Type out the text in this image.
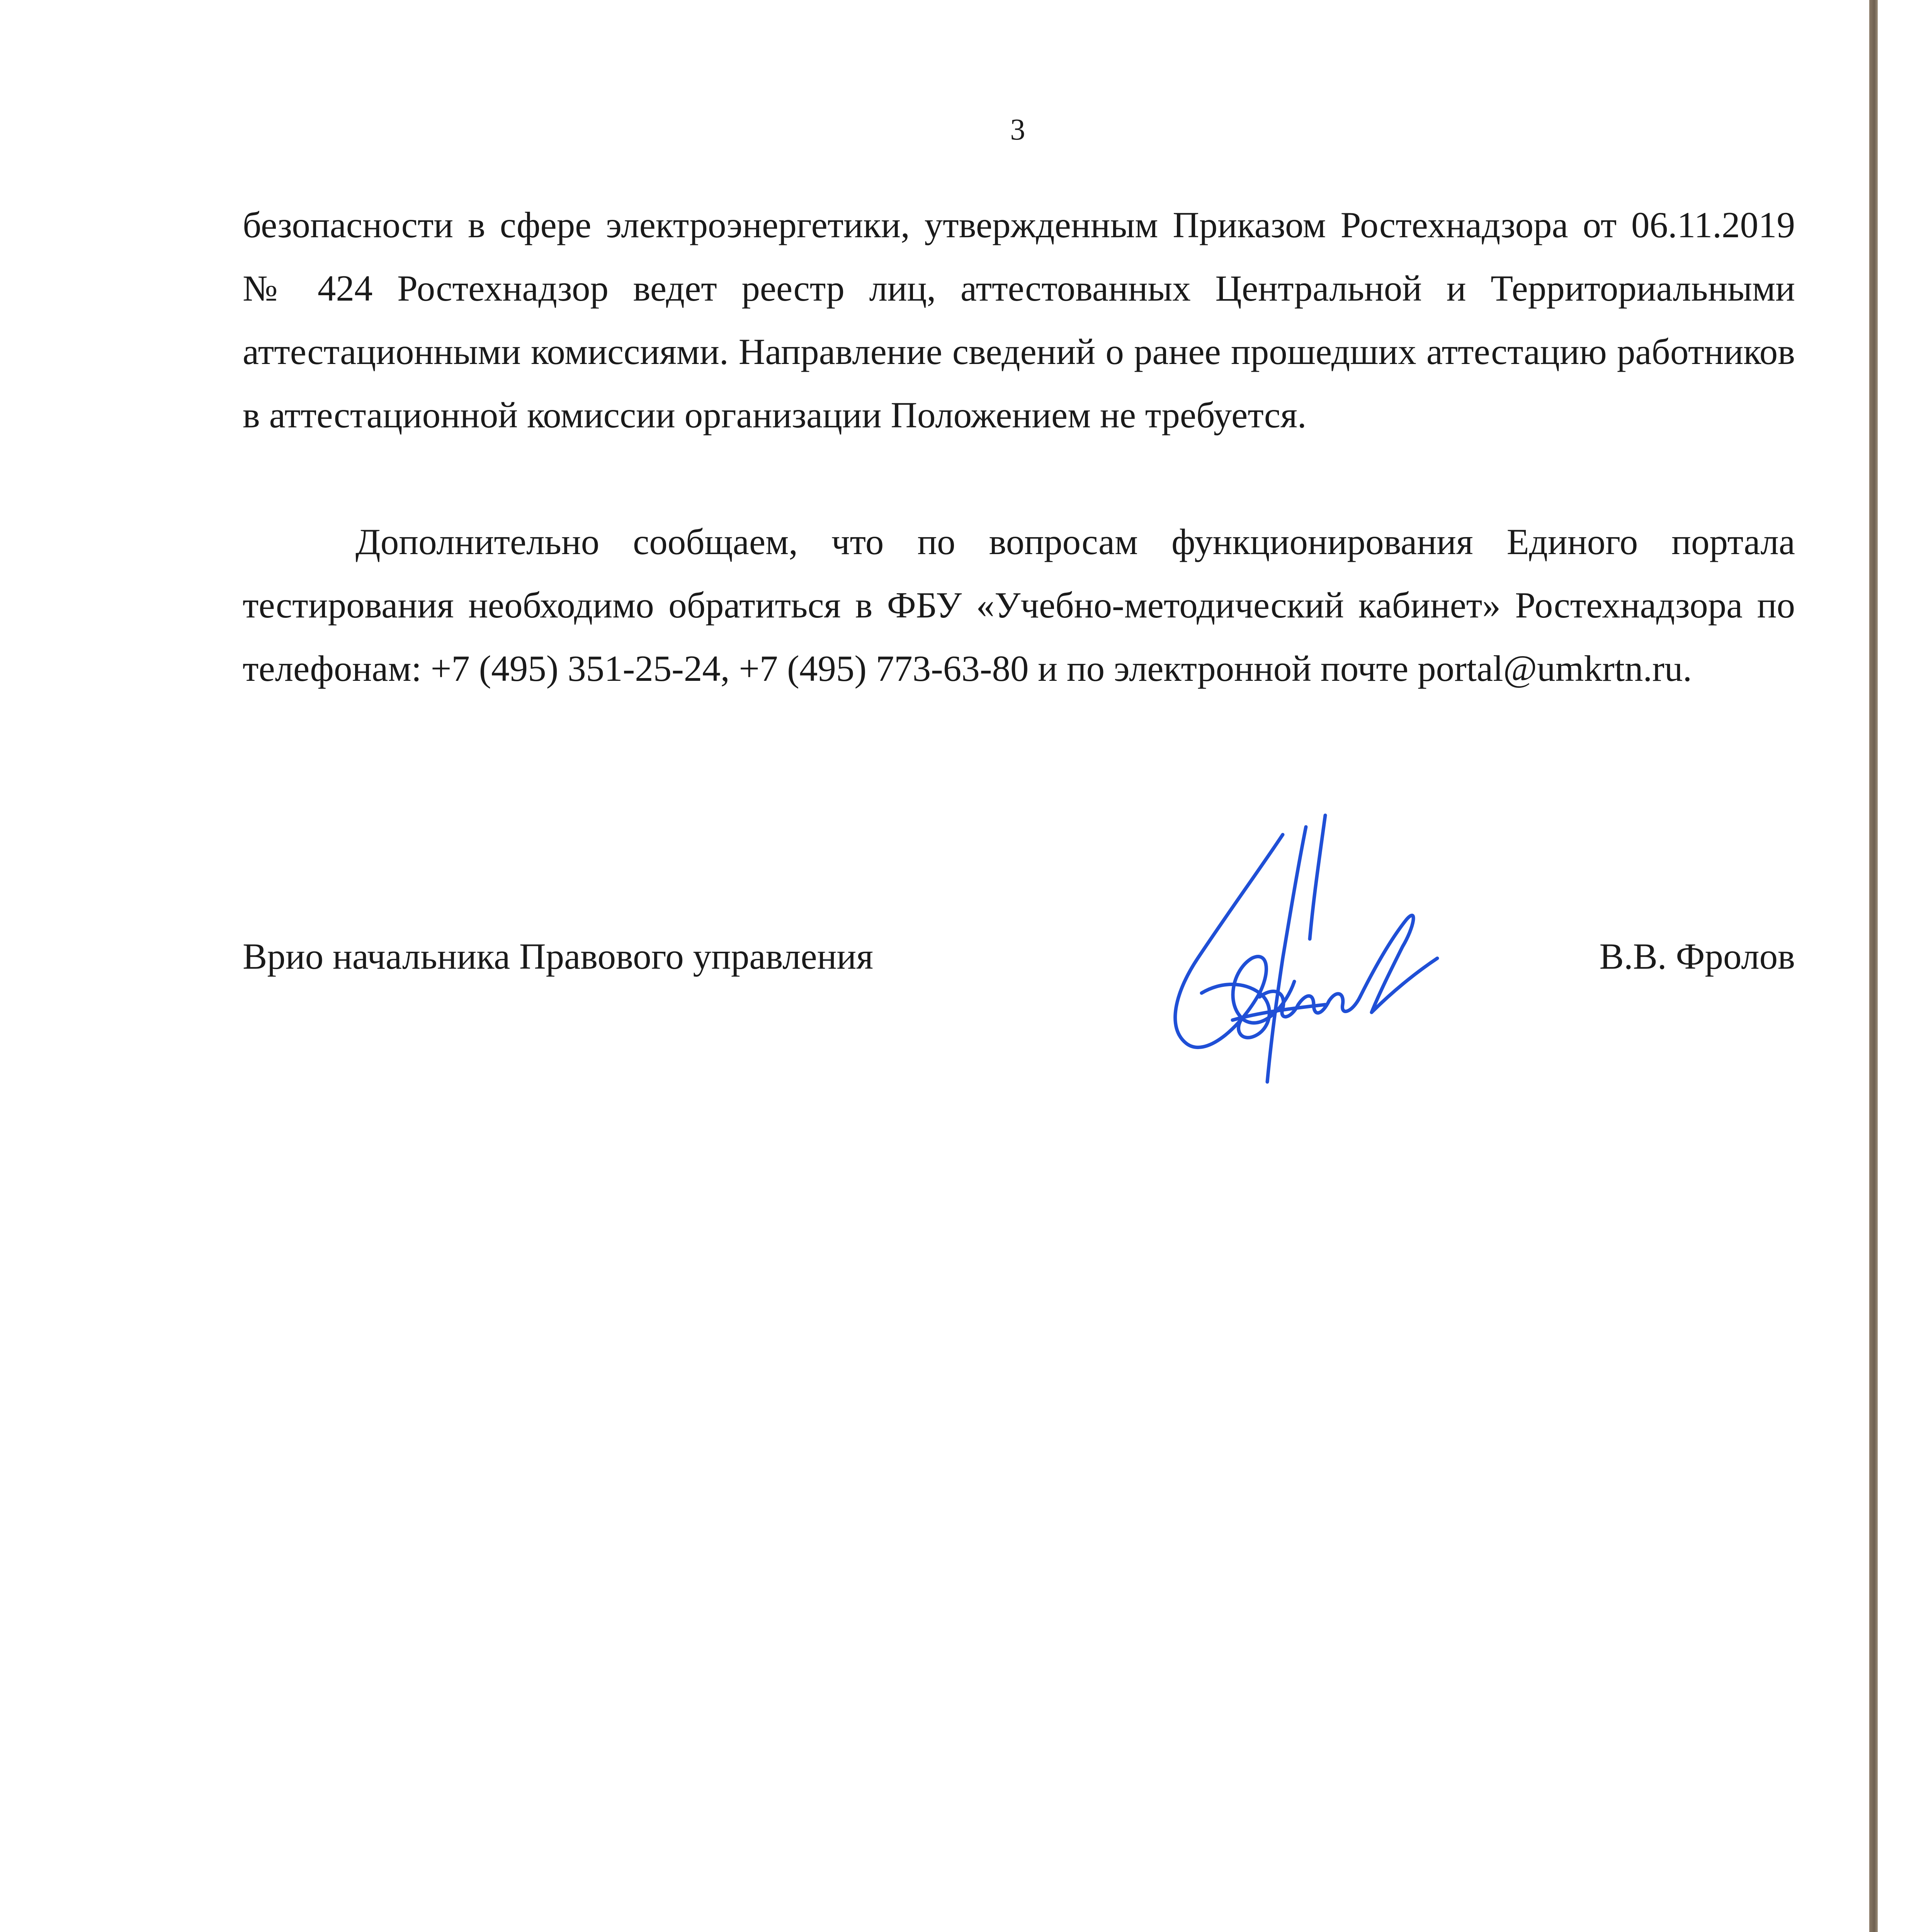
3

безопасности в сфере электроэнергетики, утвержденным Приказом Ростехнадзора от 06.11.2019 № 424 Ростехнадзор ведет реестр лиц, аттестованных Центральной и Территориальными аттестационными комиссиями. Направление сведений о ранее прошедших аттестацию работников в аттестационной комиссии организации Положением не требуется.

Дополнительно сообщаем, что по вопросам функционирования Единого портала тестирования необходимо обратиться в ФБУ «Учебно-методический кабинет» Ростехнадзора по телефонам: +7 (495) 351-25-24, +7 (495) 773-63-80 и по электронной почте portal@umkrtn.ru.

Врио начальника Правового управления	В.В. Фролов
